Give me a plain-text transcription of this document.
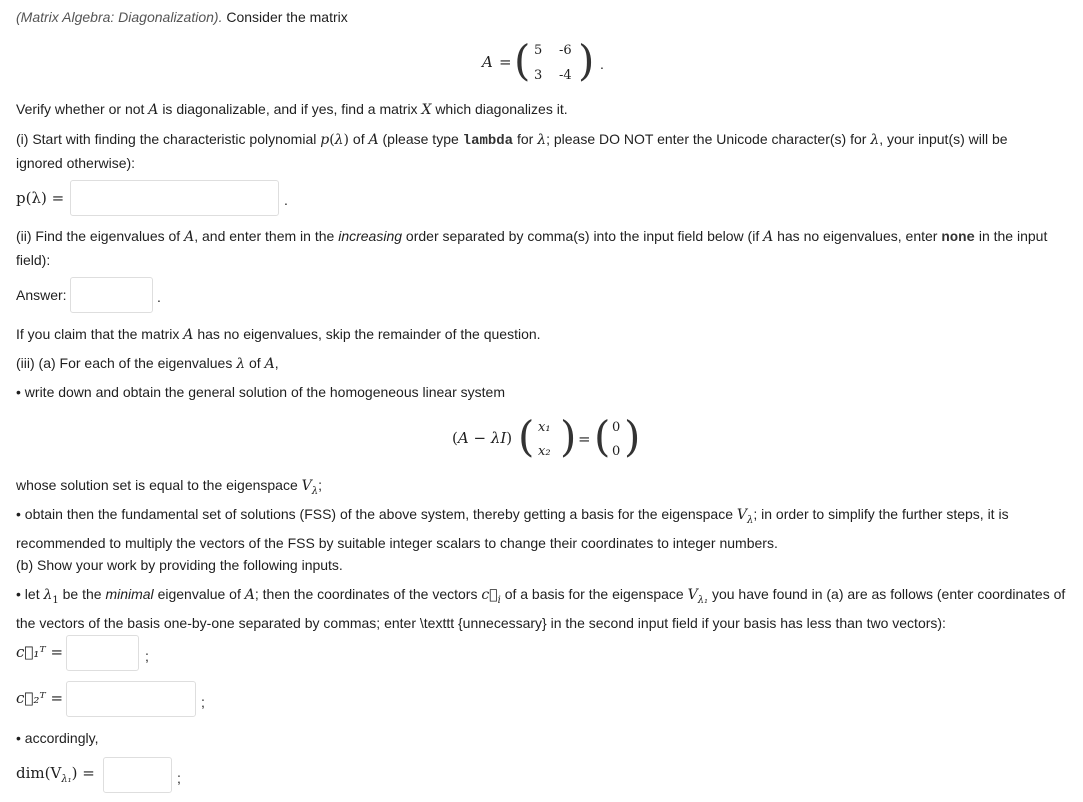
(Matrix Algebra: Diagonalization). Consider the matrix
A = ( 5 -6
3 -4 ) .
Verify whether or not A is diagonalizable, and if yes, find a matrix X which diagonalizes it.
(i) Start with finding the characteristic polynomial p(λ) of A (please type lambda for λ; please DO NOT enter the Unicode character(s) for λ, your input(s) will be
ignored otherwise):
p(λ) =	.
(ii) Find the eigenvalues of A, and enter them in the increasing order separated by comma(s) into the input field below (if A has no eigenvalues, enter none in the input
field):
Answer:	.
If you claim that the matrix A has no eigenvalues, skip the remainder of the question.
(iii) (a) For each of the eigenvalues λ of A,
• write down and obtain the general solution of the homogeneous linear system
(A − λI) ( x₁
x₂ ) = ( 0
0 )
whose solution set is equal to the eigenspace $V_\lambda$;
• obtain then the fundamental set of solutions (FSS) of the above system, thereby getting a basis for the eigenspace $V_\lambda$; in order to simplify the further steps, it is
recommended to multiply the vectors of the FSS by suitable integer scalars to change their coordinates to integer numbers.
(b) Show your work by providing the following inputs.
• let $\lambda_1$ be the minimal eigenvalue of A; then the coordinates of the vectors $c⃗_i$ of a basis for the eigenspace $V_{\lambda_1}$ you have found in (a) are as follows (enter coordinates of
the vectors of the basis one-by-one separated by commas; enter \texttt {unnecessary} in the second input field if your basis has less than two vectors):
c⃗₁ᵀ =	;
c⃗₂ᵀ =	;
• accordingly,
$dim(V_{\lambda_1})$ =	;
